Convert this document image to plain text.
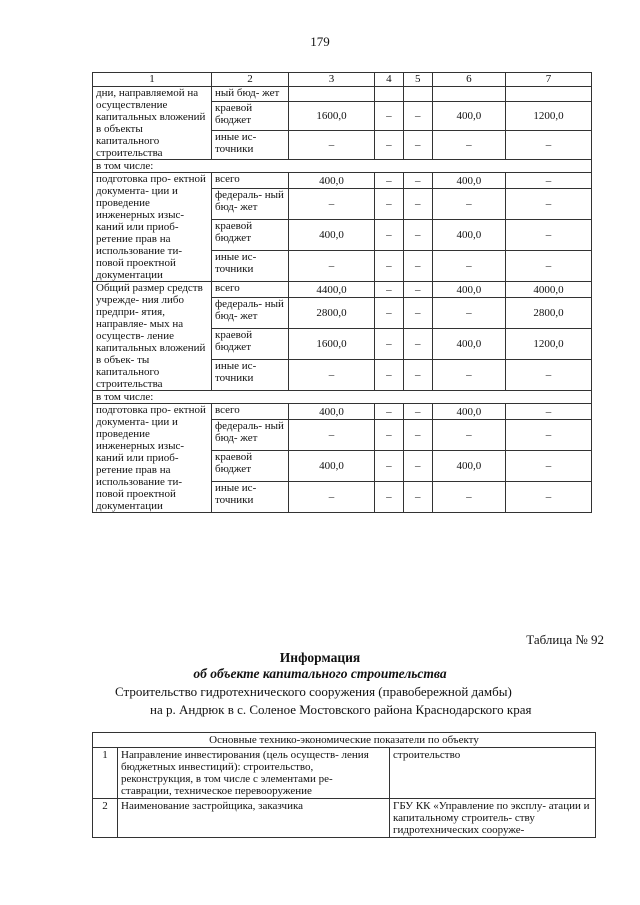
179
1	2	3	4	5	6	7
дни, направляемой на осуществление капитальных вложений в объекты капитального строительства	ный бюд- жет					
	краевой бюджет	1600,0	–	–	400,0	1200,0
	иные ис- точники	–	–	–	–	–
в том числе:						
подготовка про- ектной документа- ции и проведение инженерных изыс- каний или приоб- ретение прав на использование ти- повой проектной документации	всего	400,0	–	–	400,0	–
	федераль- ный бюд- жет	–	–	–	–	–
	краевой бюджет	400,0	–	–	400,0	–
	иные ис- точники	–	–	–	–	–
Общий размер средств учрежде- ния либо предпри- ятия, направляе- мых на осуществ- ление капитальных вложений в объек- ты капитального строительства	всего	4400,0	–	–	400,0	4000,0
	федераль- ный бюд- жет	2800,0	–	–	–	2800,0
	краевой бюджет	1600,0	–	–	400,0	1200,0
	иные ис- точники	–	–	–	–	–
в том числе:						
подготовка про- ектной документа- ции и проведение инженерных изыс- каний или приоб- ретение прав на использование ти- повой проектной документации	всего	400,0	–	–	400,0	–
	федераль- ный бюд- жет	–	–	–	–	–
	краевой бюджет	400,0	–	–	400,0	–
	иные ис- точники	–	–	–	–	–
Таблица № 92
Информация
об объекте капитального строительства
Строительство гидротехнического сооружения (правобережной дамбы)
на р. Андрюк в с. Соленое Мостовского района Краснодарского края
Основные технико-экономические показатели по объекту		
1	Направление инвестирования (цель осуществ- ления бюджетных инвестиций): строительство, реконструкция, в том числе с элементами ре- ставрации, техническое перевооружение	строительство
2	Наименование застройщика, заказчика	ГБУ КК «Управление по эксплу- атации и капитальному строитель- ству гидротехнических сооруже-
